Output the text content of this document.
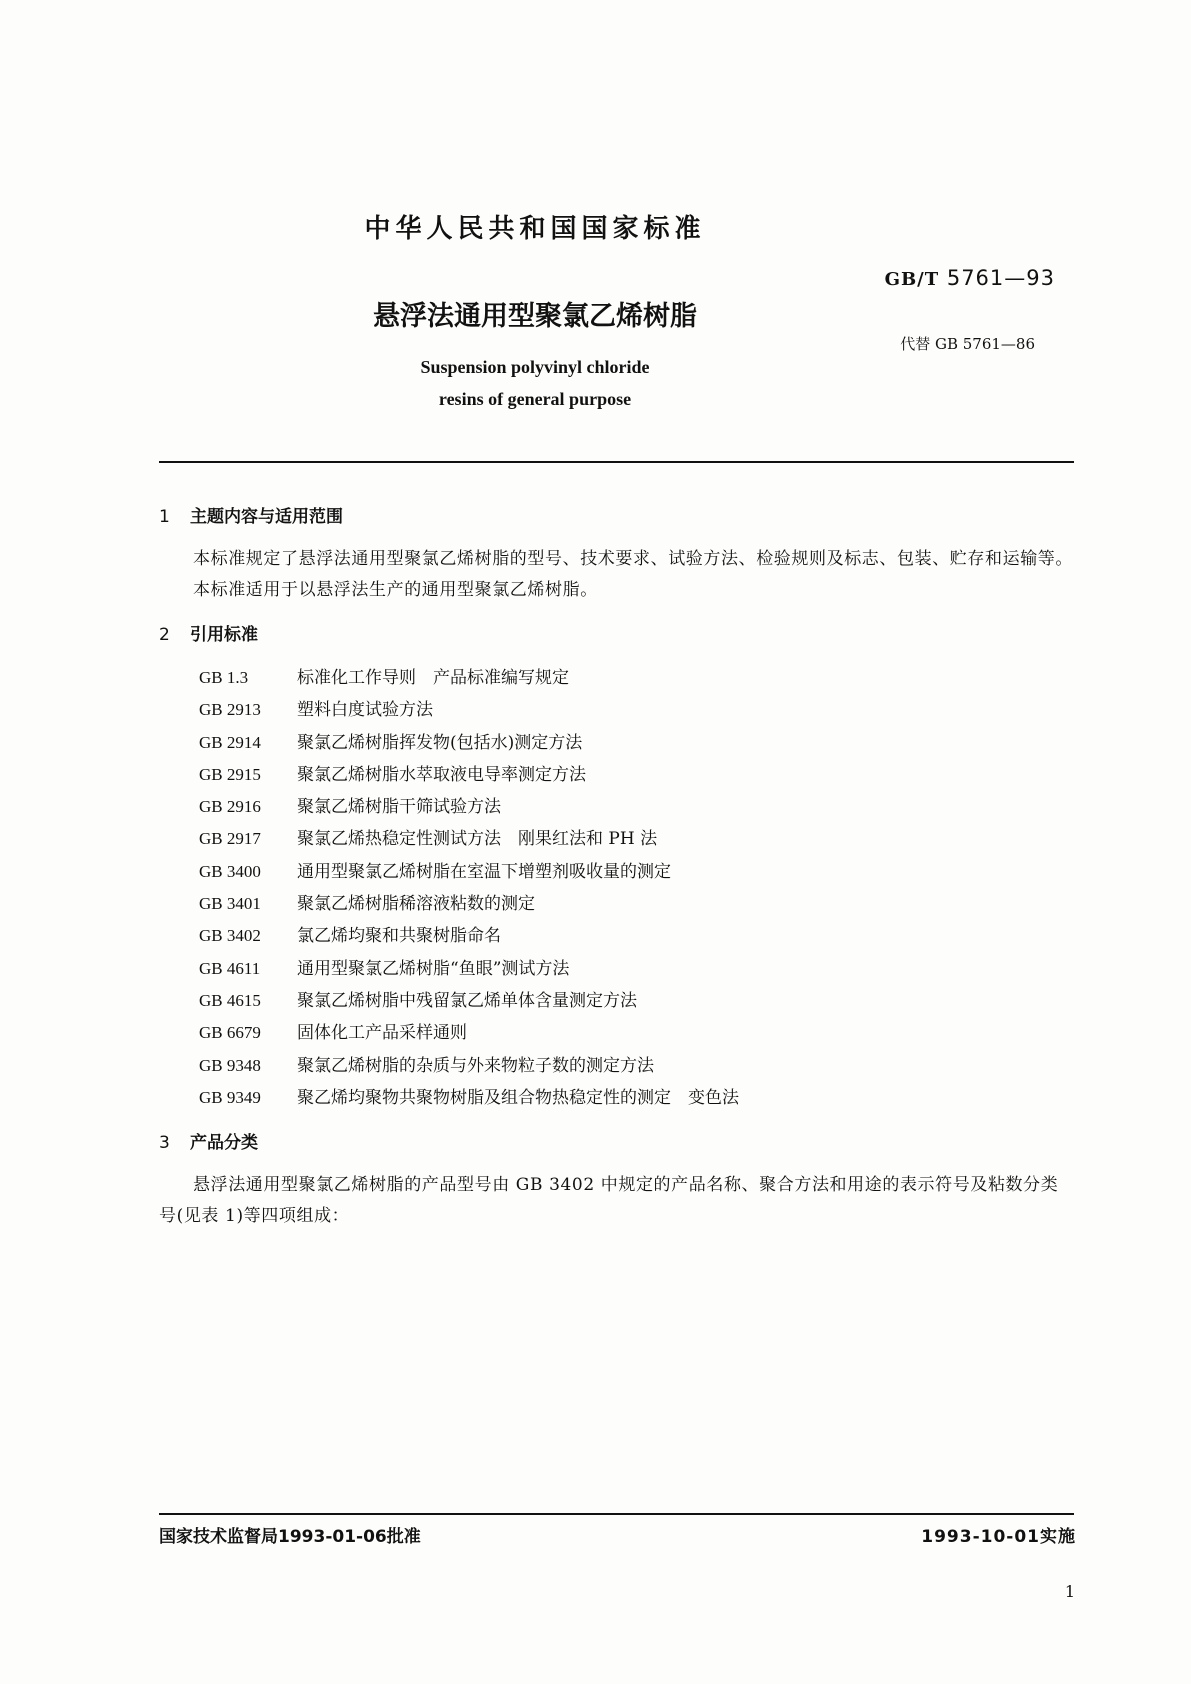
中华人民共和国国家标准
GB/T 5761—93
悬浮法通用型聚氯乙烯树脂
代替 GB 5761—86
Suspension polyvinyl chloride
resins of general purpose
1 主题内容与适用范围
本标准规定了悬浮法通用型聚氯乙烯树脂的型号、技术要求、试验方法、检验规则及标志、包装、贮存和运输等。
本标准适用于以悬浮法生产的通用型聚氯乙烯树脂。
2 引用标准
GB 1.3	标准化工作导则　产品标准编写规定
GB 2913 塑料白度试验方法
GB 2914 聚氯乙烯树脂挥发物(包括水)测定方法
GB 2915 聚氯乙烯树脂水萃取液电导率测定方法
GB 2916 聚氯乙烯树脂干筛试验方法
GB 2917 聚氯乙烯热稳定性测试方法　刚果红法和 PH 法
GB 3400 通用型聚氯乙烯树脂在室温下增塑剂吸收量的测定
GB 3401 聚氯乙烯树脂稀溶液粘数的测定
GB 3402 氯乙烯均聚和共聚树脂命名
GB 4611 通用型聚氯乙烯树脂“鱼眼”测试方法
GB 4615 聚氯乙烯树脂中残留氯乙烯单体含量测定方法
GB 6679 固体化工产品采样通则
GB 9348 聚氯乙烯树脂的杂质与外来物粒子数的测定方法
GB 9349 聚乙烯均聚物共聚物树脂及组合物热稳定性的测定　变色法
3 产品分类
悬浮法通用型聚氯乙烯树脂的产品型号由 GB 3402 中规定的产品名称、聚合方法和用途的表示符号及粘数分类号(见表 1)等四项组成：
国家技术监督局1993-01-06批准	1993-10-01实施
1
